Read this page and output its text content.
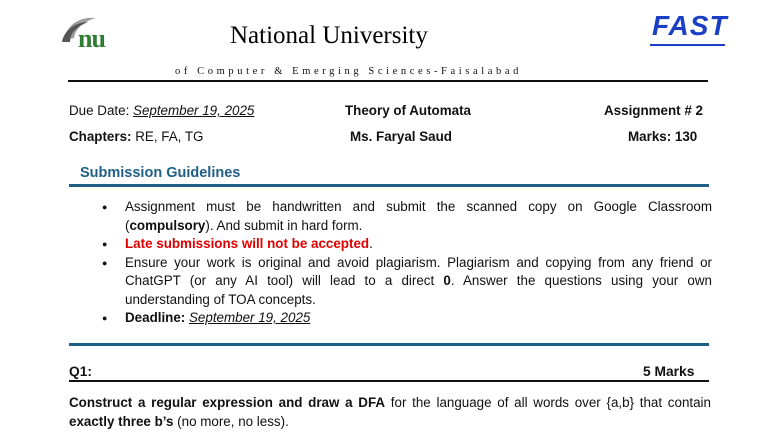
nu	National University
of Computer & Emerging Sciences-Faisalabad
FAST
Due Date: September 19, 2025	Theory of Automata	Assignment # 2
Chapters: RE, FA, TG	Ms. Faryal Saud	Marks: 130
Submission Guidelines
● Assignment must be handwritten and submit the scanned copy on Google Classroom (compulsory). And submit in hard form.
● Late submissions will not be accepted.
● Ensure your work is original and avoid plagiarism. Plagiarism and copying from any friend or ChatGPT (or any AI tool) will lead to a direct 0. Answer the questions using your own understanding of TOA concepts.
● Deadline: September 19, 2025
Q1:	5 Marks
Construct a regular expression and draw a DFA for the language of all words over {a,b} that contain exactly three b’s (no more, no less).
